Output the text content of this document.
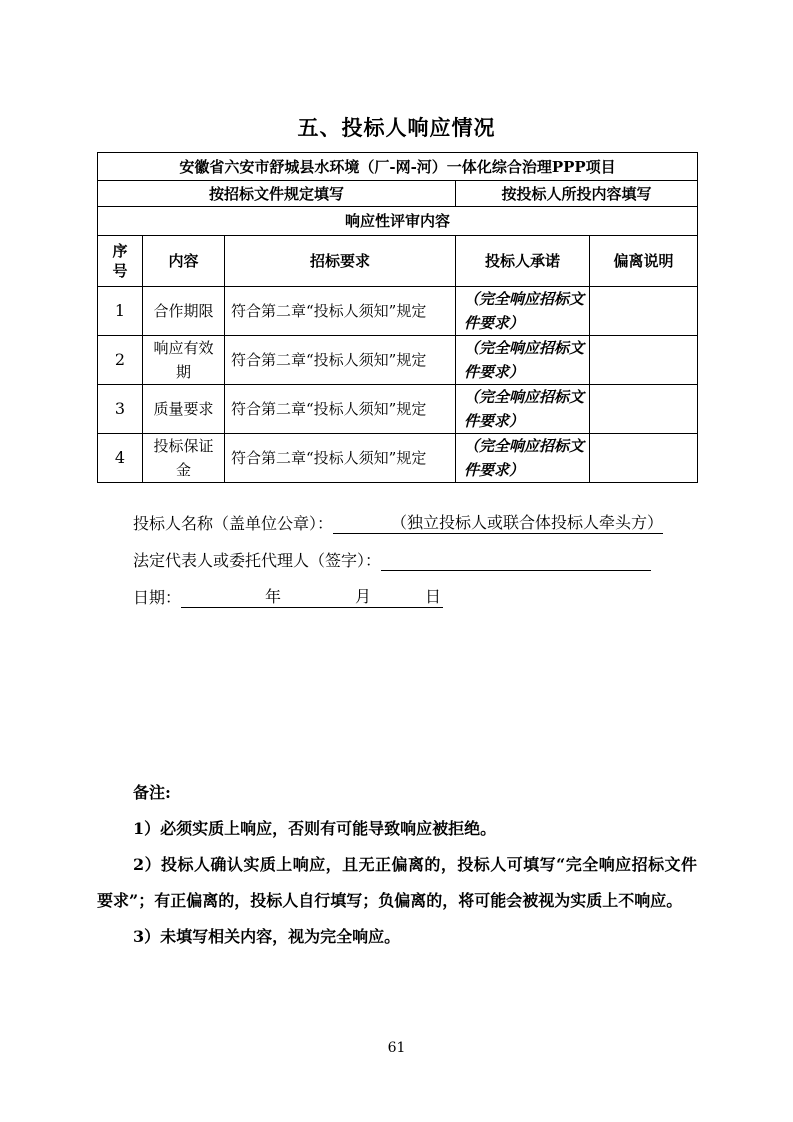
五、投标人响应情况
安徽省六安市舒城县水环境（厂-网-河）一体化综合治理PPP项目				
按招标文件规定填写			按投标人所投内容填写	
响应性评审内容				
序号	内容	招标要求	投标人承诺	偏离说明
1	合作期限	符合第二章“投标人须知”规定	（完全响应招标文件要求）	
2	响应有效期	符合第二章“投标人须知”规定	（完全响应招标文件要求）	
3	质量要求	符合第二章“投标人须知”规定	（完全响应招标文件要求）	
4	投标保证金	符合第二章“投标人须知”规定	（完全响应招标文件要求）	
投标人名称（盖单位公章）：	（独立投标人或联合体投标人牵头方）
法定代表人或委托代理人（签字）：
日期：	年	月	日

备注:

1）必须实质上响应，否则有可能导致响应被拒绝。

2）投标人确认实质上响应，且无正偏离的，投标人可填写“完全响应招标文件要求”；有正偏离的，投标人自行填写；负偏离的，将可能会被视为实质上不响应。

3）未填写相关内容，视为完全响应。

61
